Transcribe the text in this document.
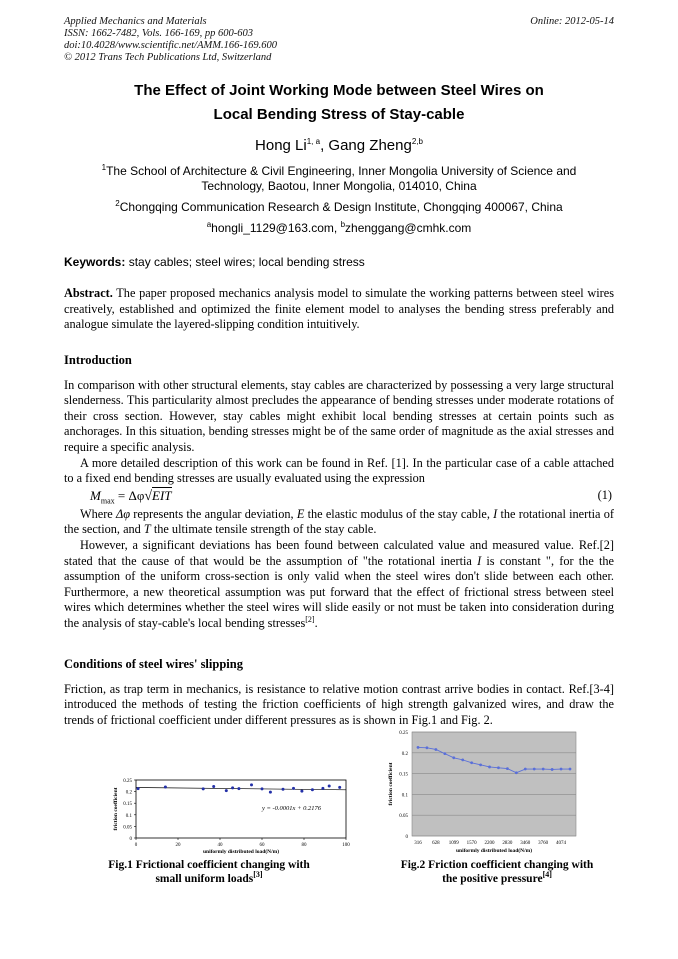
Applied Mechanics and Materials
ISSN: 1662-7482, Vols. 166-169, pp 600-603
doi:10.4028/www.scientific.net/AMM.166-169.600
© 2012 Trans Tech Publications Ltd, Switzerland
Online: 2012-05-14
The Effect of Joint Working Mode between Steel Wires on
Local Bending Stress of Stay-cable
Hong Li$^{1, a}$, Gang Zheng$^{2,b}$
$^1$The School of Architecture & Civil Engineering, Inner Mongolia University of Science and
Technology, Baotou, Inner Mongolia, 014010, China
$^2$Chongqing Communication Research & Design Institute, Chongqing 400067, China
$^a$hongli_1129@163.com, $^b$zhenggang@cmhk.com
Keywords: stay cables; steel wires; local bending stress

Abstract. The paper proposed mechanics analysis model to simulate the working patterns between steel wires creatively, established and optimized the finite element model to analyses the bending stress preferably and analogue simulate the layered-slipping condition intuitively.

Introduction

In comparison with other structural elements, stay cables are characterized by possessing a very large structural slenderness. This particularity almost precludes the appearance of bending stresses under moderate rotations of their cross section. However, stay cables might exhibit local bending stresses at certain points such as anchorages. In this situation, bending stresses might be of the same order of magnitude as the axial stresses and require a specific analysis.

A more detailed description of this work can be found in Ref. [1]. In the particular case of a cable attached to a fixed end bending stresses are usually evaluated using the expression

$M_{max} = \Delta\varphi√EIT$	(1)

Where Δφ represents the angular deviation, E the elastic modulus of the stay cable, I the rotational inertia of the section, and T the ultimate tensile strength of the stay cable.

However, a significant deviations has been found between calculated value and measured value. Ref.[2] stated that the cause of that would be the assumption of "the rotational inertia I is constant ", for the the assumption of the uniform cross-section is only valid when the steel wires don't slide between each other. Furthermore, a new theoretical assumption was put forward that the effect of frictional stress between steel wires which determines whether the steel wires will slide easily or not must be taken into consideration during the analysis of stay-cable's local bending stresses[2].

Conditions of steel wires' slipping

Friction, as trap term in mechanics, is resistance to relative motion contrast arrive bodies in contact. Ref.[3-4] introduced the methods of testing the friction coefficients of high strength galvanized wires, and draw the trends of frictional coefficient under different pressures as is shown in Fig.1 and Fig. 2.

0
0.05
0.1
0.15
0.2
0.25
0	20	40	60	80	100
y = -0.0001x + 0.2176
uniformly distributed load(N/m)
friction coefficient
Fig.1 Frictional coefficient changing with
small uniform loads[3]
0
0.05
0.1
0.15
0.2
0.25
316 628 1099 1570 2200 2830 3460 3760 4074
uniformly distributed load(N/m)
friction coefficient
Fig.2 Friction coefficient changing with
the positive pressure[4]
